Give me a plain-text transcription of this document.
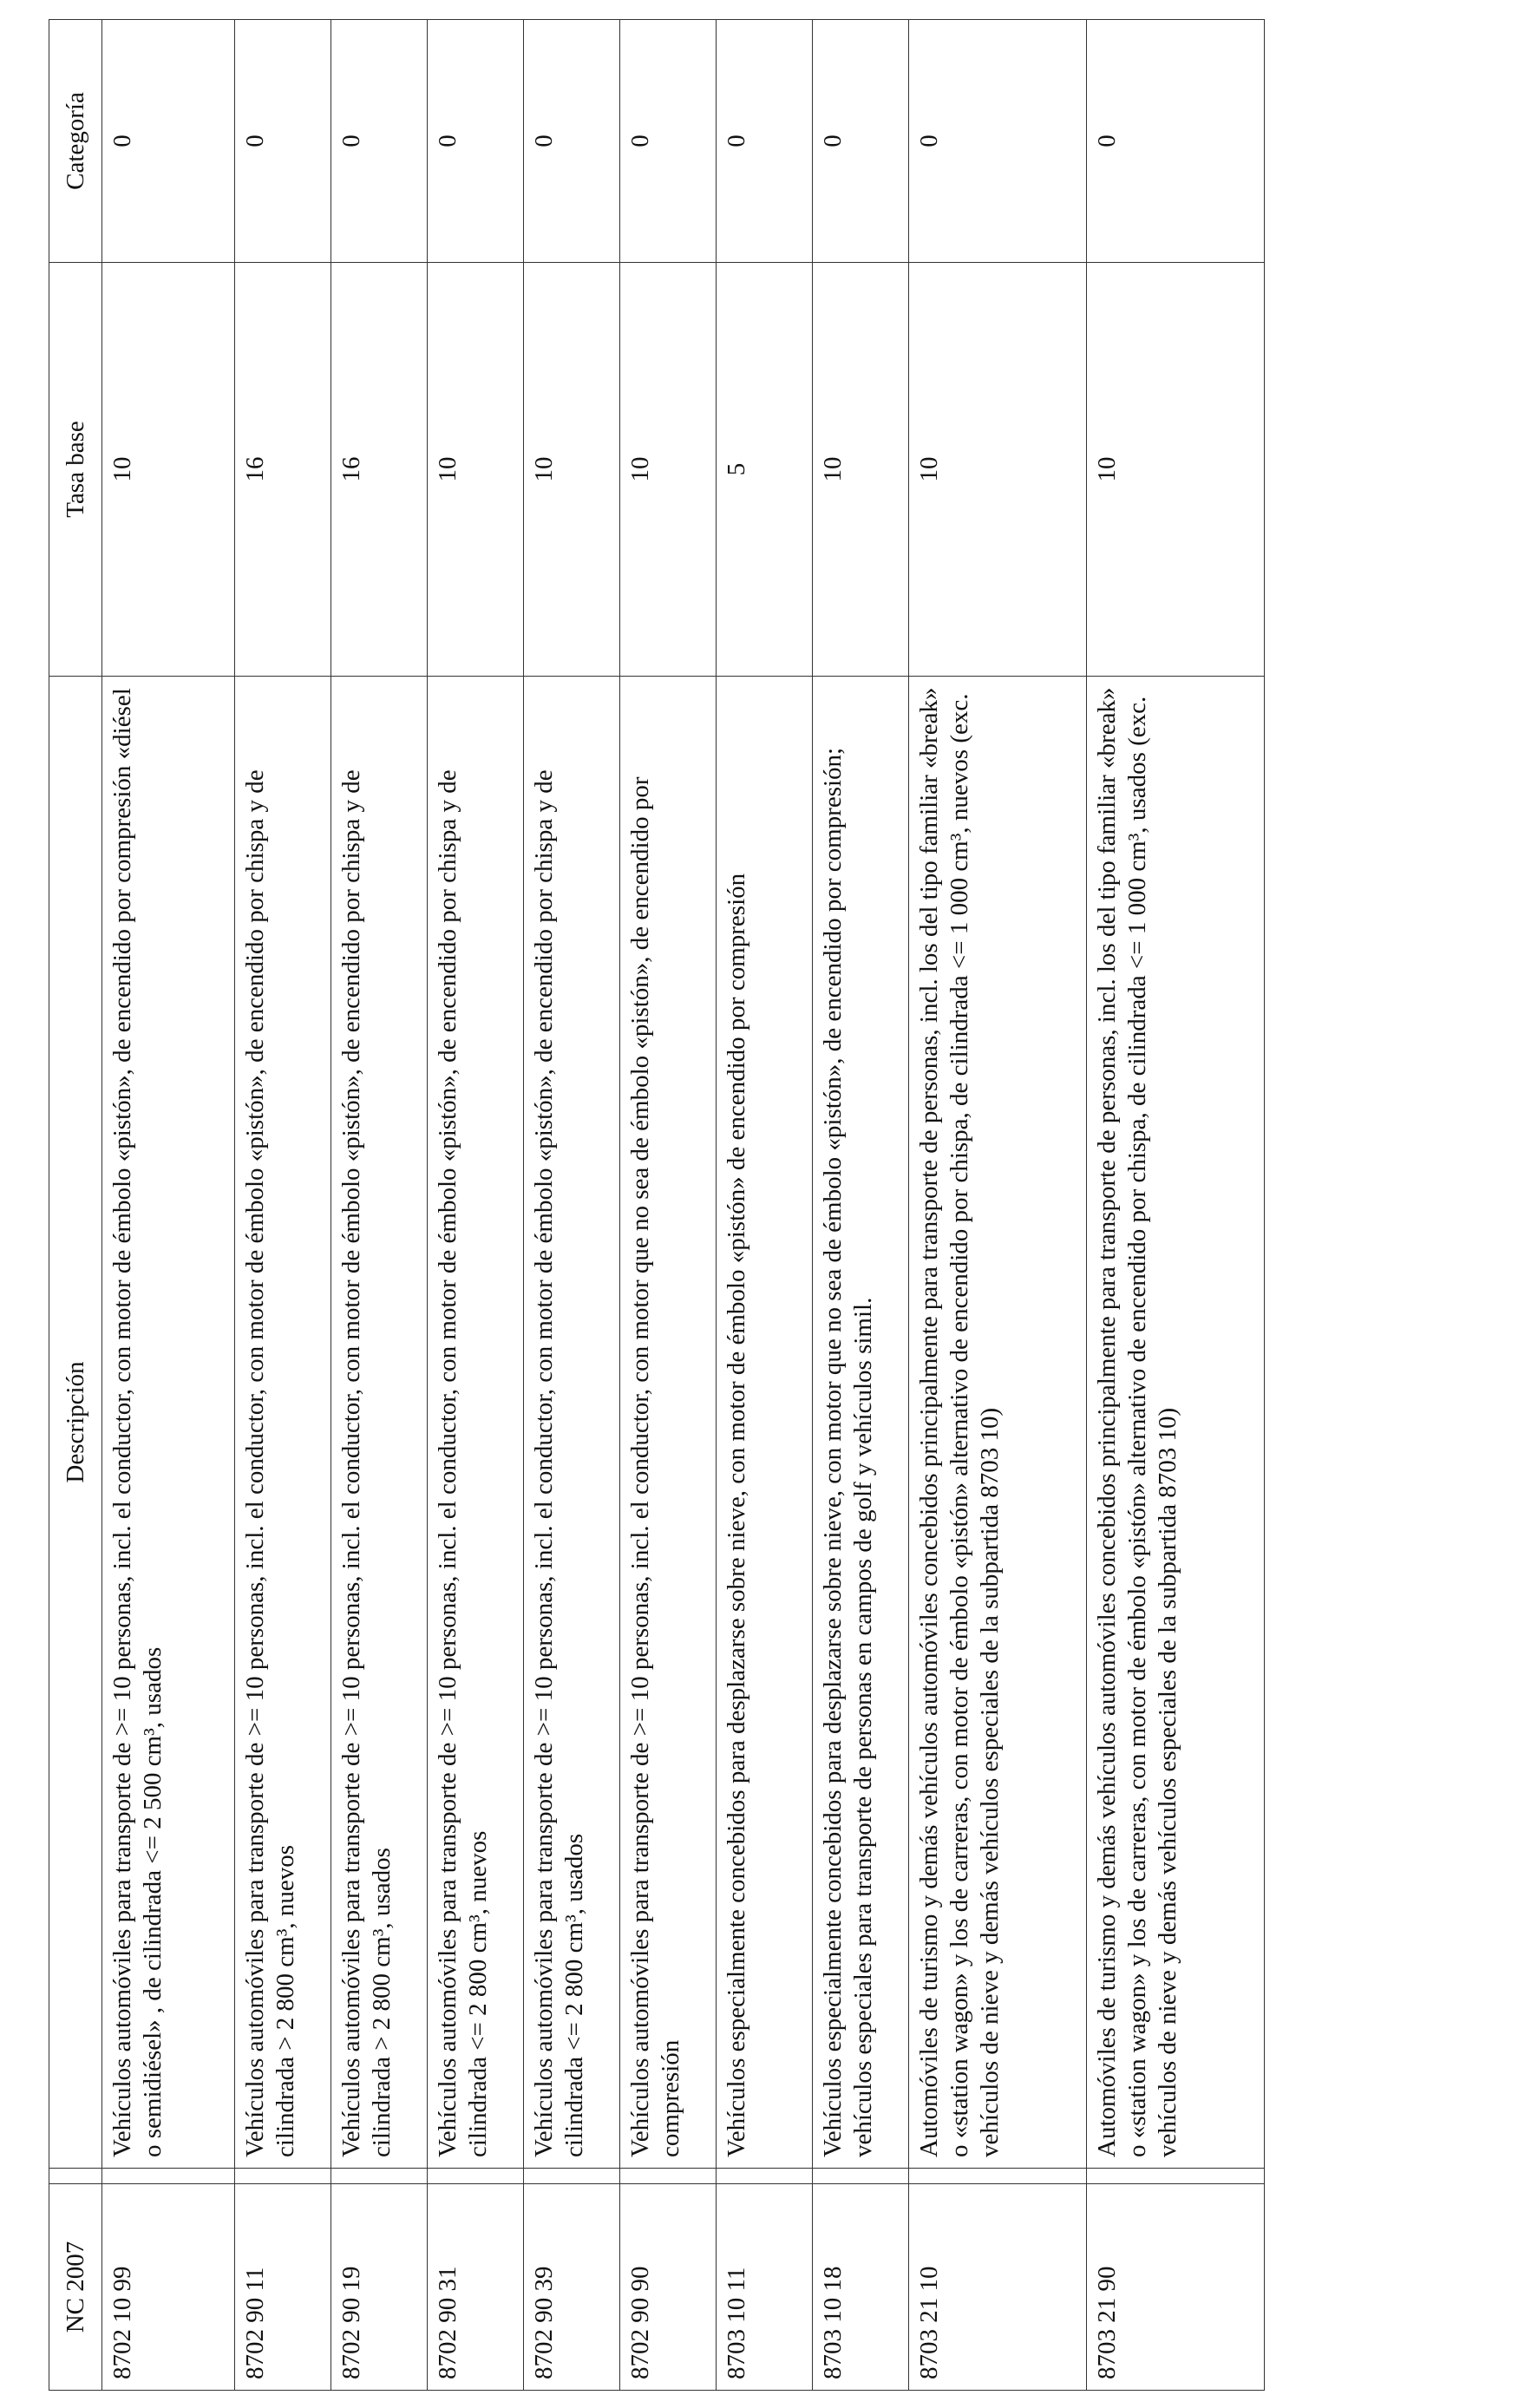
NC 2007		Descripción	Tasa base	Categoría
8702 10 99		Vehículos automóviles para transporte de >= 10 personas, incl. el conductor, con motor de émbolo «pistón», de encendido por compresión «diésel o semidiésel» , de cilindrada <= 2 500 cm³, usados	10	0
8702 90 11		Vehículos automóviles para transporte de >= 10 personas, incl. el conductor, con motor de émbolo «pistón», de encendido por chispa y de cilindrada > 2 800 cm³, nuevos	16	0
8702 90 19		Vehículos automóviles para transporte de >= 10 personas, incl. el conductor, con motor de émbolo «pistón», de encendido por chispa y de cilindrada > 2 800 cm³, usados	16	0
8702 90 31		Vehículos automóviles para transporte de >= 10 personas, incl. el conductor, con motor de émbolo «pistón», de encendido por chispa y de cilindrada <= 2 800 cm³, nuevos	10	0
8702 90 39		Vehículos automóviles para transporte de >= 10 personas, incl. el conductor, con motor de émbolo «pistón», de encendido por chispa y de cilindrada <= 2 800 cm³, usados	10	0
8702 90 90		Vehículos automóviles para transporte de >= 10 personas, incl. el conductor, con motor que no sea de émbolo «pistón», de encendido por compresión	10	0
8703 10 11		Vehículos especialmente concebidos para desplazarse sobre nieve, con motor de émbolo «pistón» de encendido por compresión	5	0
8703 10 18		Vehículos especialmente concebidos para desplazarse sobre nieve, con motor que no sea de émbolo «pistón», de encendido por compresión; vehículos especiales para transporte de personas en campos de golf y vehículos simil.	10	0
8703 21 10		Automóviles de turismo y demás vehículos automóviles concebidos principalmente para transporte de personas, incl. los del tipo familiar «break» o «station wagon» y los de carreras, con motor de émbolo «pistón» alternativo de encendido por chispa, de cilindrada <= 1 000 cm³, nuevos (exc. vehículos de nieve y demás vehículos especiales de la subpartida 8703 10)	10	0
8703 21 90		Automóviles de turismo y demás vehículos automóviles concebidos principalmente para transporte de personas, incl. los del tipo familiar «break» o «station wagon» y los de carreras, con motor de émbolo «pistón» alternativo de encendido por chispa, de cilindrada <= 1 000 cm³, usados (exc. vehículos de nieve y demás vehículos especiales de la subpartida 8703 10)	10	0
